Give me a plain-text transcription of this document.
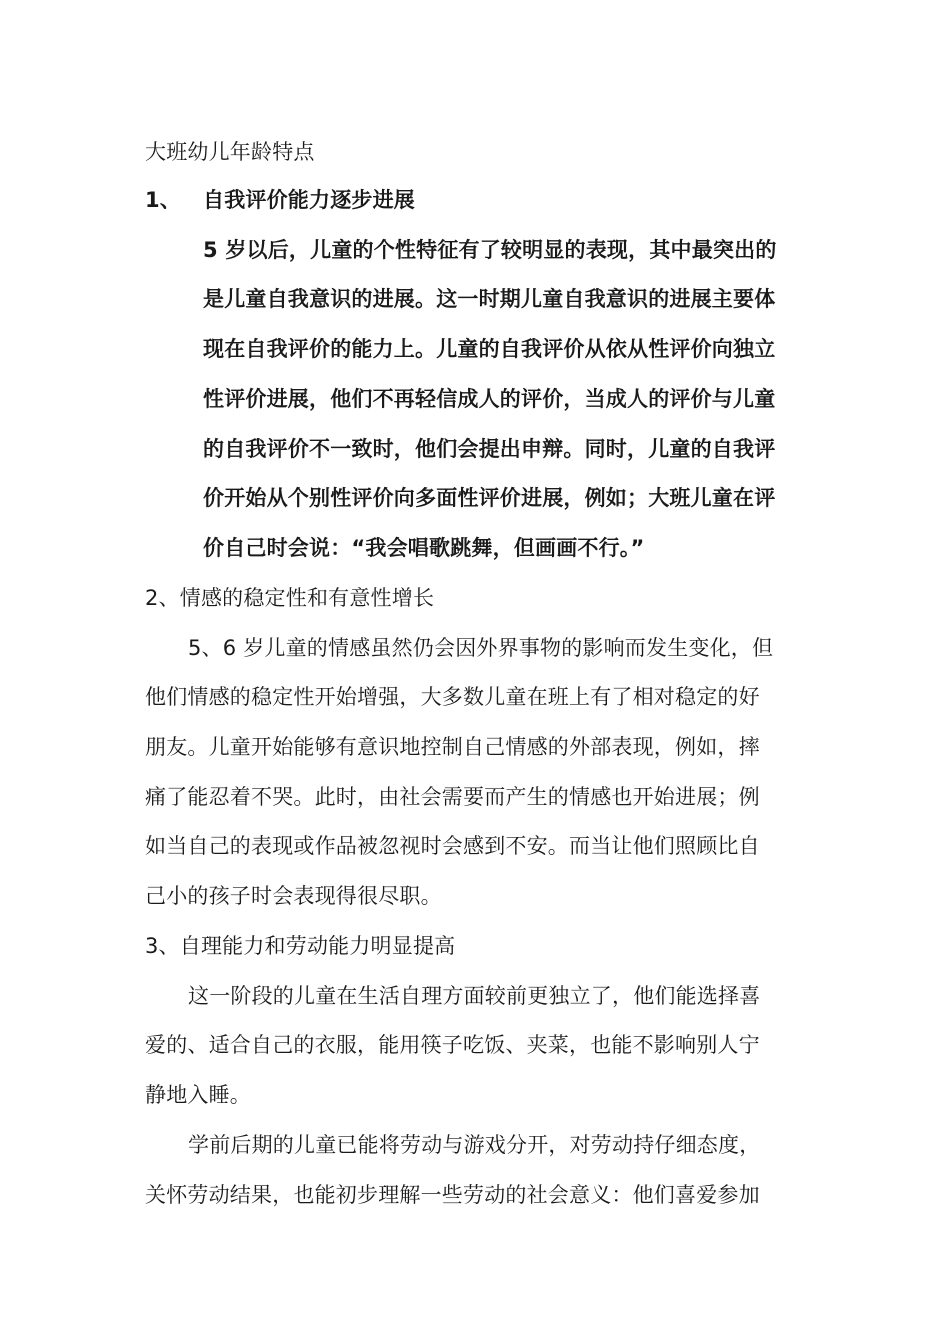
大班幼儿年龄特点
1、 自我评价能力逐步进展
5 岁以后，儿童的个性特征有了较明显的表现，其中最突出的
是儿童自我意识的进展。这一时期儿童自我意识的进展主要体
现在自我评价的能力上。儿童的自我评价从依从性评价向独立
性评价进展，他们不再轻信成人的评价，当成人的评价与儿童
的自我评价不一致时，他们会提出申辩。同时，儿童的自我评
价开始从个别性评价向多面性评价进展，例如；大班儿童在评
价自己时会说：“我会唱歌跳舞，但画画不行。”
2、情感的稳定性和有意性增长
5、6 岁儿童的情感虽然仍会因外界事物的影响而发生变化，但
他们情感的稳定性开始增强，大多数儿童在班上有了相对稳定的好
朋友。儿童开始能够有意识地控制自己情感的外部表现，例如，摔
痛了能忍着不哭。此时，由社会需要而产生的情感也开始进展；例
如当自己的表现或作品被忽视时会感到不安。而当让他们照顾比自
己小的孩子时会表现得很尽职。
3、自理能力和劳动能力明显提高
这一阶段的儿童在生活自理方面较前更独立了，他们能选择喜
爱的、适合自己的衣服，能用筷子吃饭、夹菜，也能不影响别人宁
静地入睡。
学前后期的儿童已能将劳动与游戏分开，对劳动持仔细态度，
关怀劳动结果，也能初步理解一些劳动的社会意义：他们喜爱参加
